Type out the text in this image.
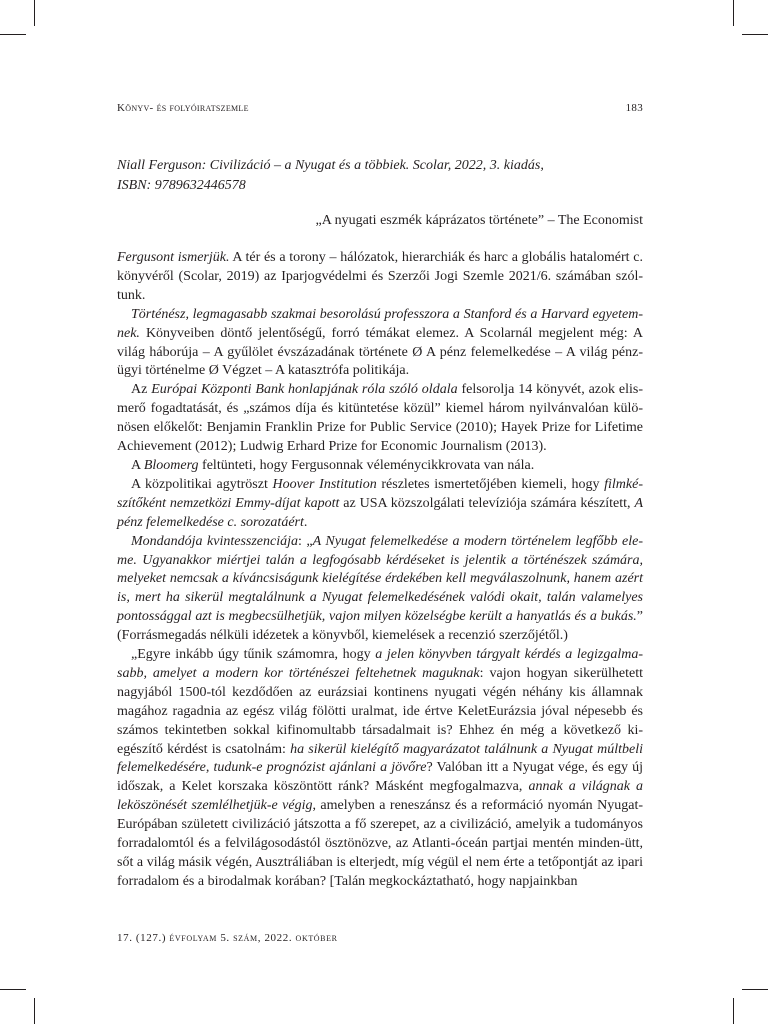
Könyv- és folyóiratszemle	183
Niall Ferguson: Civilizáció – a Nyugat és a többiek. Scolar, 2022, 3. kiadás,
ISBN: 9789632446578
„A nyugati eszmék káprázatos története” – The Economist

Fergusont ismerjük. A tér és a torony – hálózatok, hierarchiák és harc a globális hatalomért c. könyvéről (Scolar, 2019) az Iparjogvédelmi és Szerzői Jogi Szemle 2021/6. számában szól-tunk.

Történész, legmagasabb szakmai besorolású professzora a Stanford és a Harvard egyetem-nek. Könyveiben döntő jelentőségű, forró témákat elemez. A Scolarnál megjelent még: A világ háborúja – A gyűlölet évszázadának története Ø A pénz felemelkedése – A világ pénz-ügyi történelme Ø Végzet – A katasztrófa politikája.

Az Európai Központi Bank honlapjának róla szóló oldala felsorolja 14 könyvét, azok elis-merő fogadtatását, és „számos díja és kitüntetése közül” kiemel három nyilvánvalóan külö-nösen előkelőt: Benjamin Franklin Prize for Public Service (2010); Hayek Prize for Lifetime Achievement (2012); Ludwig Erhard Prize for Economic Journalism (2013).

A Bloomerg feltünteti, hogy Fergusonnak véleménycikkrovata van nála.

A közpolitikai agytröszt Hoover Institution részletes ismertetőjében kiemeli, hogy filmké-szítőként nemzetközi Emmy-díjat kapott az USA közszolgálati televíziója számára készített, A pénz felemelkedése c. sorozatáért.

Mondandója kvintesszenciája: „A Nyugat felemelkedése a modern történelem legfőbb ele-me. Ugyanakkor miértjei talán a legfogósabb kérdéseket is jelentik a történészek számára, melyeket nemcsak a kíváncsiságunk kielégítése érdekében kell megválaszolnunk, hanem azért is, mert ha sikerül megtalálnunk a Nyugat felemelkedésének valódi okait, talán valamelyes pontossággal azt is megbecsülhetjük, vajon milyen közelségbe került a hanyatlás és a bukás.” (Forrásmegadás nélküli idézetek a könyvből, kiemelések a recenzió szerzőjétől.)

„Egyre inkább úgy tűnik számomra, hogy a jelen könyvben tárgyalt kérdés a legizgalma-sabb, amelyet a modern kor történészei feltehetnek maguknak: vajon hogyan sikerülhetett nagyjából 1500-tól kezdődően az eurázsiai kontinens nyugati végén néhány kis államnak magához ragadnia az egész világ fölötti uralmat, ide értve KeletEurázsia jóval népesebb és számos tekintetben sokkal kifinomultabb társadalmait is? Ehhez én még a következő ki-egészítő kérdést is csatolnám: ha sikerül kielégítő magyarázatot találnunk a Nyugat múltbeli felemelkedésére, tudunk-e prognózist ajánlani a jövőre? Valóban itt a Nyugat vége, és egy új időszak, a Kelet korszaka köszöntött ránk? Másként megfogalmazva, annak a világnak a leköszönését szemlélhetjük-e végig, amelyben a reneszánsz és a reformáció nyomán Nyugat-Európában született civilizáció játszotta a fő szerepet, az a civilizáció, amelyik a tudományos forradalomtól és a felvilágosodástól ösztönözve, az Atlanti-óceán partjai mentén minden-ütt, sőt a világ másik végén, Ausztráliában is elterjedt, míg végül el nem érte a tetőpontját az ipari forradalom és a birodalmak korában? [Talán megkockáztatható, hogy napjainkban

17. (127.) évfolyam 5. szám, 2022. október
